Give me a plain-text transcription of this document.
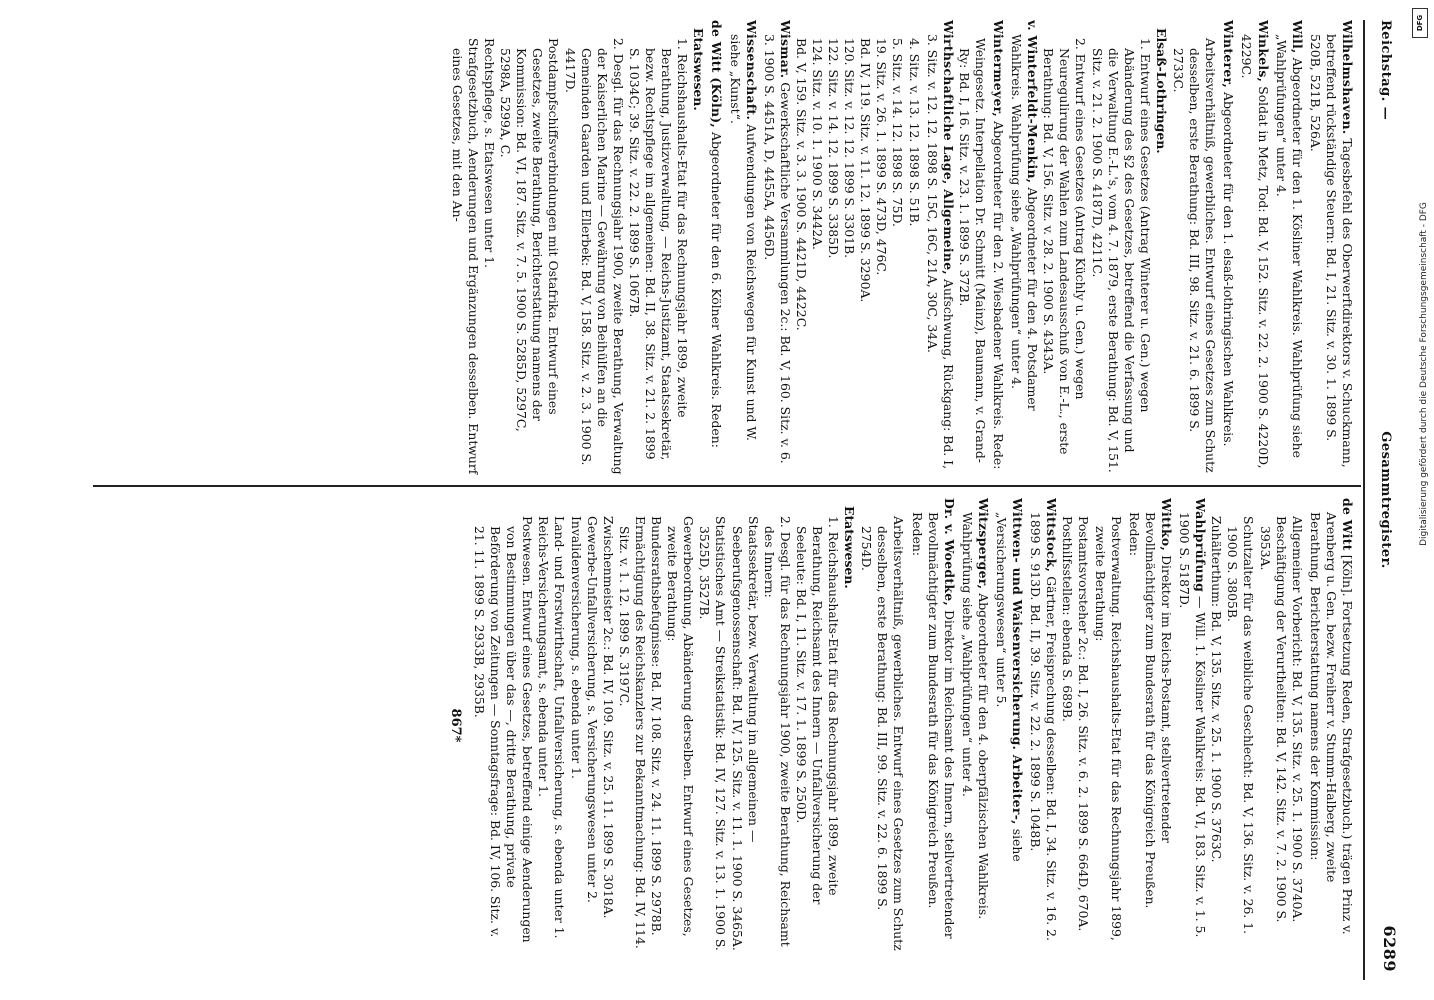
Reichstag. —
Gesammtregister.
6289

Wilhelmshaven. Tagesbefehl des Oberwerftdirektors v. Schuckmann, betreffend rückständige Steuern: Bd. I, 21. Sitz. v. 30. 1. 1899 S. 520B, 521B, 526A.

Will, Abgeordneter für den 1. Kösliner Wahlkreis. Wahlprüfung siehe „Wahlprüfungen“ unter 4.

Winkels, Soldat in Metz, Tod: Bd. V, 152. Sitz. v. 22. 2. 1900 S. 4220D, 4229C.

Winterer, Abgeordneter für den 1. elsaß-lothringischen Wahlkreis.

Arbeitsverhältniß, gewerbliches. Entwurf eines Gesetzes zum Schutz desselben, erste Berathung: Bd. III, 98. Sitz. v. 21. 6. 1899 S. 2733C.

Elsaß-Lothringen.

1. Entwurf eines Gesetzes (Antrag Winterer u. Gen.) wegen Abänderung des §2 des Gesetzes, betreffend die Verfassung und die Verwaltung E.-L.'s, vom 4. 7. 1879, erste Berathung: Bd. V, 151. Sitz. v. 21. 2. 1900 S. 4187D, 4211C.

2. Entwurf eines Gesetzes (Antrag Küchly u. Gen.) wegen Neuregulirung der Wahlen zum Landesausschuß von E.-L., erste Berathung: Bd. V, 156. Sitz. v. 28. 2. 1900 S. 4343A.

v. Winterfeldt-Menkin, Abgeordneter für den 4. Potsdamer Wahlkreis. Wahlprüfung siehe „Wahlprüfungen“ unter 4.

Wintermeyer, Abgeordneter für den 2. Wiesbadener Wahlkreis. Rede:

Weingesetz. Interpellation Dr. Schmitt (Mainz), Baumann, v. Grand-Ry: Bd. I, 16. Sitz. v. 23. 1. 1899 S. 372B.

Wirthschaftliche Lage, Allgemeine, Aufschwung, Rückgang: Bd. I, 3. Sitz. v. 12. 12. 1898 S. 15C, 16C, 21A, 30C, 34A.

4. Sitz. v. 13. 12. 1898 S. 51B.

5. Sitz. v. 14. 12. 1898 S. 75D.

19. Sitz. v. 26. 1. 1899 S. 473D, 476C.

Bd. IV, 119. Sitz. v. 11. 12. 1899 S. 3290A.

120. Sitz. v. 12. 12. 1899 S. 3301B.

122. Sitz. v. 14. 12. 1899 S. 3385D.

124. Sitz. v. 10. 1. 1900 S. 3442A.

Bd. V, 159. Sitz. v. 3. 3. 1900 S. 4421D, 4422C.

Wismar. Gewerkschaftliche Versammlungen 2c.: Bd. V, 160. Sitz. v. 6. 3. 1900 S. 4451A, D, 4455A, 4456D.

Wissenschaft. Aufwendungen von Reichswegen für Kunst und W. siehe „Kunst“.

de Witt (Köln), Abgeordneter für den 6. Kölner Wahlkreis. Reden:

Etatswesen.

1. Reichshaushalts-Etat für das Rechnungsjahr 1899, zweite Berathung, Justizverwaltung, — Reichs-Justizamt, Staatssekretär, bezw. Rechtspflege im allgemeinen: Bd. II, 38. Sitz. v. 21. 2. 1899 S. 1034C; 39. Sitz. v. 22. 2. 1899 S. 1067B.

2. Desgl. für das Rechnungsjahr 1900, zweite Berathung, Verwaltung der Kaiserlichen Marine — Gewährung von Beihülfen an die Gemeinden Gaarden und Ellerbek: Bd. V, 158. Sitz. v. 2. 3. 1900 S. 4417D.

Postdampfschiffsverbindungen mit Ostafrika. Entwurf eines Gesetzes, zweite Berathung, Berichterstattung namens der Kommission: Bd. VI, 187. Sitz. v. 7. 5. 1900 S. 5285D, 5297C, 5298A, 5299A, C.

Rechtspflege, s. Etatswesen unter 1.

Strafgesetzbuch, Aenderungen und Ergänzungen desselben. Entwurf eines Gesetzes, mit den An-

de Witt [Köln]. Fortsetzung Reden, Strafgesetzbuch.) trägen Prinz v. Arenberg u. Gen. bezw. Freiherr v. Stumm-Halberg, zweite Berathung, Berichterstattung namens der Kommission:

Allgemeiner Vorbericht: Bd. V, 135. Sitz. v. 25. 1. 1900 S. 3740A.

Beschäftigung der Verurtheilten: Bd. V, 142. Sitz. v. 7. 2. 1900 S. 3953A.

Schutzalter für das weibliche Geschlecht: Bd. V, 136. Sitz. v. 26. 1. 1900 S. 3805B.

Zuhälterthum: Bd. V, 135. Sitz. v. 25. 1. 1900 S. 3763C.

Wahlprüfung — Will. 1. Kösliner Wahlkreis: Bd. VI, 183. Sitz. v. 1. 5. 1900 S. 5187D.

Wittko, Direktor im Reichs-Postamt, stellvertretender Bevollmächtigter zum Bundesrath für das Königreich Preußen. Reden:

Postverwaltung. Reichshaushalts-Etat für das Rechnungsjahr 1899, zweite Berathung:

Postamtsvorsteher 2c.: Bd. I, 26. Sitz. v. 6. 2. 1899 S. 664D, 670A.

Posthilfsstellen: ebenda S. 689B.

Wittstock, Gärtner, Freisprechung desselben: Bd. I, 34. Sitz. v. 16. 2. 1899 S. 913D. Bd. II, 39. Sitz. v. 22. 2. 1899 S. 1048B.

Wittwen- und Waisenversicherung. Arbeiter-, siehe „Versicherungswesen“ unter 5.

Witzsperger, Abgeordneter für den 4. oberpfälzischen Wahlkreis. Wahlprüfung siehe „Wahlprüfungen“ unter 4.

Dr. v. Woedtke, Direktor im Reichsamt des Innern, stellvertretender Bevollmächtigter zum Bundesrath für das Königreich Preußen. Reden:

Arbeitsverhältniß, gewerbliches. Entwurf eines Gesetzes zum Schutz desselben, erste Berathung: Bd. III, 99. Sitz. v. 22. 6. 1899 S. 2754D.

Etatswesen.

1. Reichshaushalts-Etat für das Rechnungsjahr 1899, zweite Berathung, Reichsamt des Innern — Unfallversicherung der Seeleute: Bd. I, 11. Sitz. v. 17. 1. 1899 S. 250D.

2. Desgl. für das Rechnungsjahr 1900, zweite Berathung, Reichsamt des Innern:

Staatssekretär, bezw. Verwaltung im allgemeinen — Seeberufsgenossenschaft: Bd. IV, 125. Sitz. v. 11. 1. 1900 S. 3465A.

Statistisches Amt — Streikstatistik: Bd. IV, 127. Sitz. v. 13. 1. 1900 S. 3525D, 3527B.

Gewerbeordnung, Abänderung derselben. Entwurf eines Gesetzes, zweite Berathung:

Bundesrathsbefugnisse: Bd. IV, 108. Sitz. v. 24. 11. 1899 S. 2978B.

Ermächtigung des Reichskanzlers zur Bekanntmachung: Bd. IV, 114. Sitz. v. 1. 12. 1899 S. 3197C.

Zwischenmeister 2c.: Bd. IV, 109. Sitz. v. 25. 11. 1899 S. 3018A.

Gewerbe-Unfallversicherung, s. Versicherungswesen unter 2.

Invalidenversicherung, s. ebenda unter 1.

Land- und Forstwirthschaft, Unfallversicherung, s. ebenda unter 1.

Reichs-Versicherungsamt, s. ebenda unter 1.

Postwesen. Entwurf eines Gesetzes, betreffend einige Aenderungen von Bestimmungen über das —, dritte Berathung, private Beförderung von Zeitungen — Sonntagsfrage: Bd. IV, 106. Sitz. v. 21. 11. 1899 S. 2933B, 2935B.

867*
DFG
Digitalisierung gefördert durch die Deutsche Forschungsgemeinschaft - DFG
